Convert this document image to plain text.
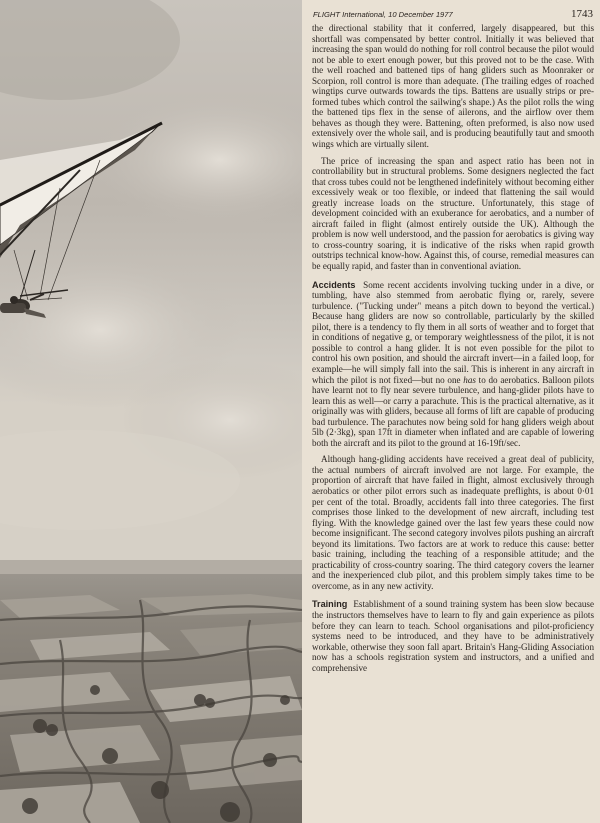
FLIGHT International, 10 December 1977	1743

the directional stability that it conferred, largely disappeared, but this shortfall was compensated by better control. Initially it was believed that increasing the span would do nothing for roll control because the pilot would not be able to exert enough power, but this proved not to be the case. With the well roached and battened tips of hang gliders such as Moonraker or Scorpion, roll control is more than adequate. (The trailing edges of roached wingtips curve outwards towards the tips. Battens are usually strips or pre-formed tubes which control the sailwing's shape.) As the pilot rolls the wing the battened tips flex in the sense of ailerons, and the airflow over them behaves as though they were. Battening, often preformed, is also now used extensively over the whole sail, and is producing beautifully taut and smooth wings which are virtually silent.

The price of increasing the span and aspect ratio has been not in controllability but in structural problems. Some designers neglected the fact that cross tubes could not be lengthened indefinitely without becoming either excessively weak or too flexible, or indeed that flattening the sail would greatly increase loads on the structure. Unfortunately, this stage of development coincided with an exuberance for aerobatics, and a number of aircraft failed in flight (almost entirely outside the UK). Although the problem is now well understood, and the passion for aerobatics is giving way to cross-country soaring, it is indicative of the risks when rapid growth outstrips technical know-how. Against this, of course, remedial measures can be equally rapid, and faster than in conventional aviation.

Accidents Some recent accidents involving tucking under in a dive, or tumbling, have also stemmed from aerobatic flying or, rarely, severe turbulence. ("Tucking under" means a pitch down to beyond the vertical.) Because hang gliders are now so controllable, particularly by the skilled pilot, there is a tendency to fly them in all sorts of weather and to forget that in conditions of negative g, or temporary weightlessness of the pilot, it is not possible to control a hang glider. It is not even possible for the pilot to control his own position, and should the aircraft invert—in a failed loop, for example—he will simply fall into the sail. This is inherent in any aircraft in which the pilot is not fixed—but no one has to do aerobatics. Balloon pilots have learnt not to fly near severe turbulence, and hang-glider pilots have to learn this as well—or carry a parachute. This is the practical alternative, as it originally was with gliders, because all forms of lift are capable of producing bad turbulence. The parachutes now being sold for hang gliders weigh about 5lb (2·3kg), span 17ft in diameter when inflated and are capable of lowering both the aircraft and its pilot to the ground at 16-19ft/sec.

Although hang-gliding accidents have received a great deal of publicity, the actual numbers of aircraft involved are not large. For example, the proportion of aircraft that have failed in flight, almost exclusively through aerobatics or other pilot errors such as inadequate preflights, is about 0·01 per cent of the total. Broadly, accidents fall into three categories. The first comprises those linked to the development of new aircraft, including test flying. With the knowledge gained over the last few years these could now become insignificant. The second category involves pilots pushing an aircraft beyond its limitations. Two factors are at work to reduce this cause: better basic training, including the teaching of a responsible attitude; and the practicability of cross-country soaring. The third category covers the learner and the inexperienced club pilot, and this problem simply takes time to be overcome, as in any new activity.

Training Establishment of a sound training system has been slow because the instructors themselves have to learn to fly and gain experience as pilots before they can learn to teach. School organisations and pilot-proficiency systems need to be introduced, and they have to be administratively workable, otherwise they soon fall apart. Britain's Hang-Gliding Association now has a schools registration system and instructors, and a unified and comprehensive
